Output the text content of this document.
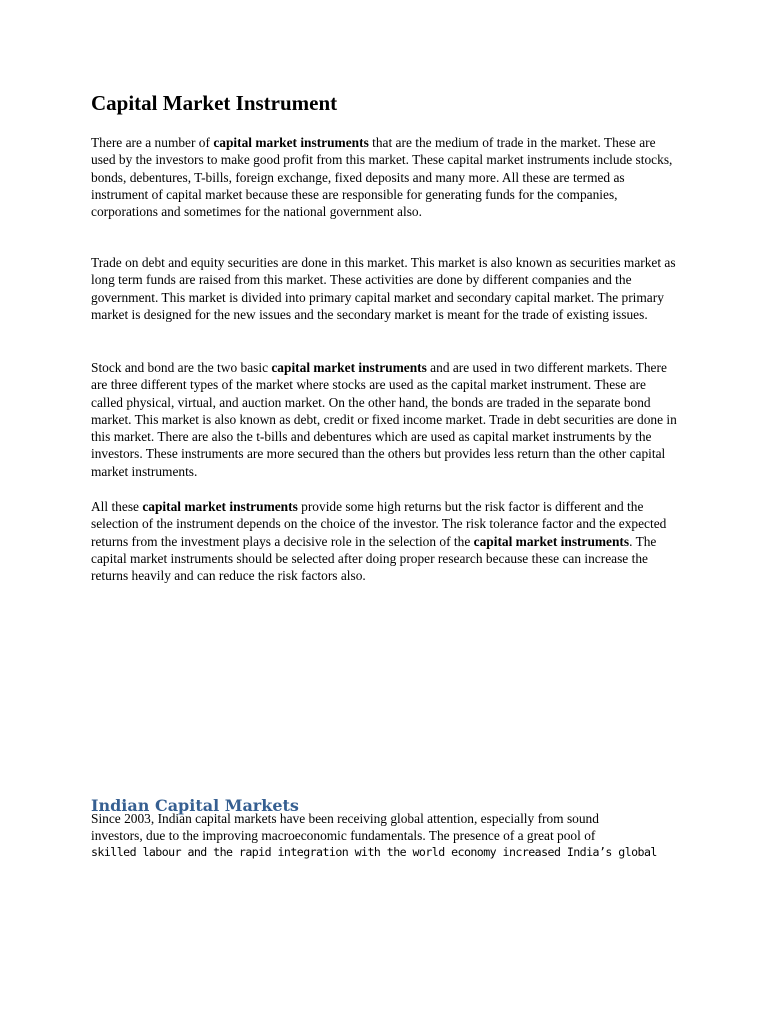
Capital Market Instrument

There are a number of capital market instruments that are the medium of trade in the market. These are used by the investors to make good profit from this market. These capital market instruments include stocks, bonds, debentures, T-bills, foreign exchange, fixed deposits and many more. All these are termed as instrument of capital market because these are responsible for generating funds for the companies, corporations and sometimes for the national government also.

Trade on debt and equity securities are done in this market. This market is also known as securities market as long term funds are raised from this market. These activities are done by different companies and the government. This market is divided into primary capital market and secondary capital market. The primary market is designed for the new issues and the secondary market is meant for the trade of existing issues.

Stock and bond are the two basic capital market instruments and are used in two different markets. There are three different types of the market where stocks are used as the capital market instrument. These are called physical, virtual, and auction market. On the other hand, the bonds are traded in the separate bond market. This market is also known as debt, credit or fixed income market. Trade in debt securities are done in this market. There are also the t-bills and debentures which are used as capital market instruments by the investors. These instruments are more secured than the others but provides less return than the other capital market instruments.

All these capital market instruments provide some high returns but the risk factor is different and the selection of the instrument depends on the choice of the investor. The risk tolerance factor and the expected returns from the investment plays a decisive role in the selection of the capital market instruments. The capital market instruments should be selected after doing proper research because these can increase the returns heavily and can reduce the risk factors also.

Indian Capital Markets

Since 2003, Indian capital markets have been receiving global attention, especially from sound

investors, due to the improving macroeconomic fundamentals. The presence of a great pool of

skilled labour and the rapid integration with the world economy increased India’s global
